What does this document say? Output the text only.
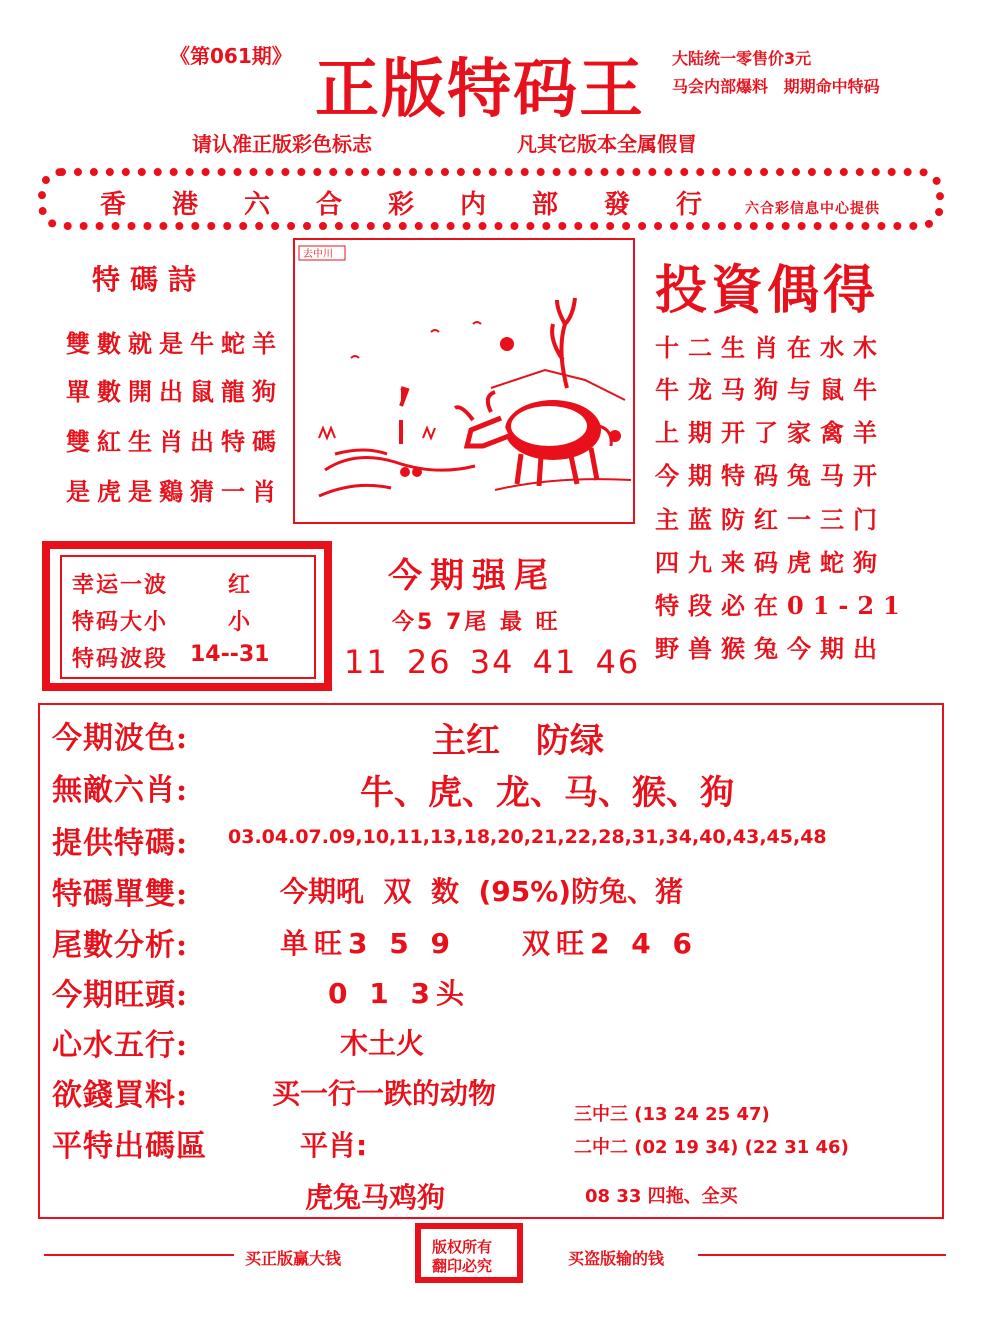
《第061期》 正版特码王 大陆统一零售价3元
马会内部爆料 期期命中特码
请认准正版彩色标志	凡其它版本全属假冒
香港六合彩内部發行
六合彩信息中心提供
特碼詩
雙數就是牛蛇羊
單數開出鼠龍狗
雙紅生肖出特碼
是虎是鷄猜一肖
去中川
投資偶得
十二生肖在水木
牛龙马狗与鼠牛
上期开了家禽羊
今期特码兔马开
主蓝防红一三门
四九来码虎蛇狗
特段必在01-21
野兽猴兔今期出
幸运一波	红
特码大小	小
特码波段 14--31
今期强尾
今5 7尾 最 旺
11 26 34 41 46
今期波色:	主红 防绿
無敵六肖:	牛、虎、龙、马、猴、狗
提供特碼: 03.04.07.09,10,11,13,18,20,21,22,28,31,34,40,43,45,48
特碼單雙:	今期吼  双  数  (95%)防兔、猪
尾數分析:	单旺3 5 9 双旺2 4 6
今期旺頭:	0 1 3头
心水五行:	木土火
欲錢買料:	买一行一跌的动物
平特出碼區	平肖:
虎兔马鸡狗
三中三 (13 24 25 47)
二中二 (02 19 34) (22 31 46)
08 33 四拖、全买
买正版赢大钱
版权所有
翻印必究	买盗版输的钱
